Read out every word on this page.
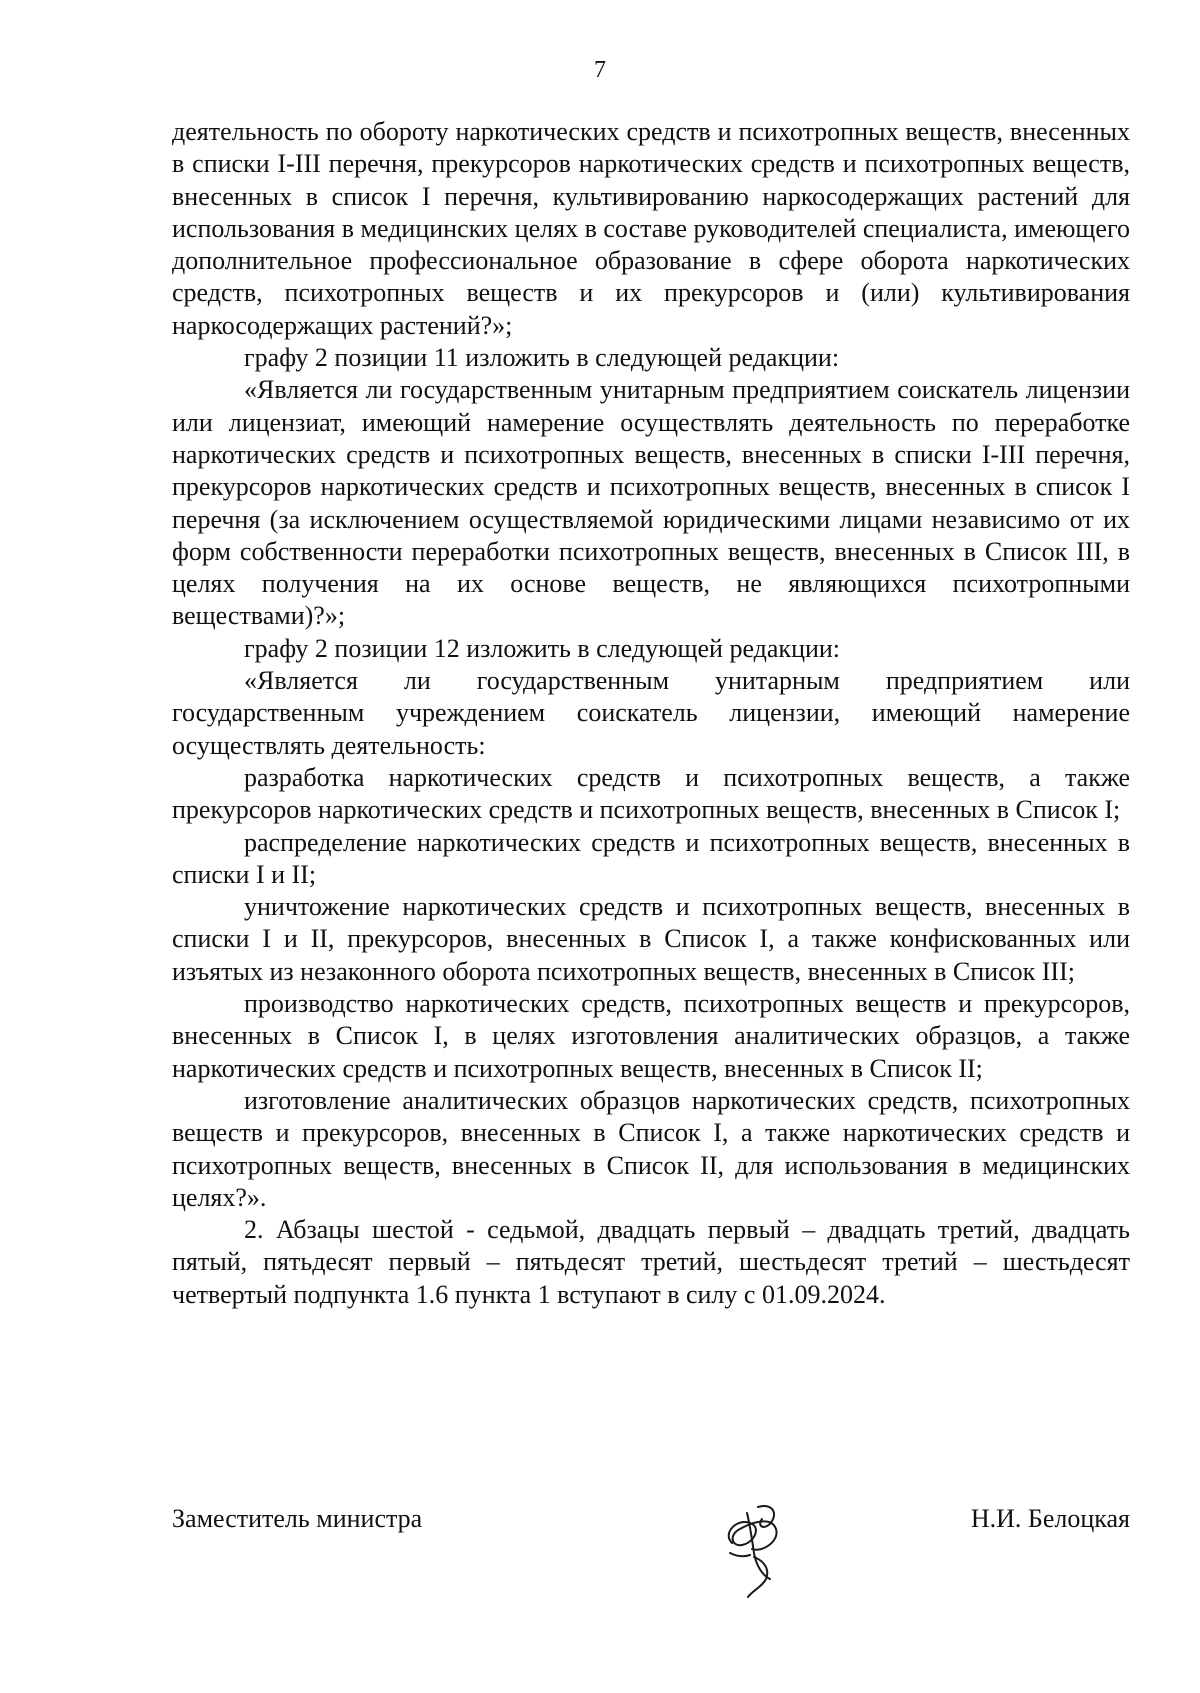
7

деятельность по обороту наркотических средств и психотропных веществ, внесенных в списки I-III перечня, прекурсоров наркотических средств и психотропных веществ, внесенных в список I перечня, культивированию наркосодержащих растений для использования в медицинских целях в составе руководителей специалиста, имеющего дополнительное профессиональное образование в сфере оборота наркотических средств, психотропных веществ и их прекурсоров и (или) культивирования наркосодержащих растений?»;

графу 2 позиции 11 изложить в следующей редакции:

«Является ли государственным унитарным предприятием соискатель лицензии или лицензиат, имеющий намерение осуществлять деятельность по переработке наркотических средств и психотропных веществ, внесенных в списки I-III перечня, прекурсоров наркотических средств и психотропных веществ, внесенных в список I перечня (за исключением осуществляемой юридическими лицами независимо от их форм собственности переработки психотропных веществ, внесенных в Список III, в целях получения на их основе веществ, не являющихся психотропными веществами)?»;

графу 2 позиции 12 изложить в следующей редакции:

«Является ли государственным унитарным предприятием или государственным учреждением соискатель лицензии, имеющий намерение осуществлять деятельность:

разработка наркотических средств и психотропных веществ, а также прекурсоров наркотических средств и психотропных веществ, внесенных в Список I;

распределение наркотических средств и психотропных веществ, внесенных в списки I и II;

уничтожение наркотических средств и психотропных веществ, внесенных в списки I и II, прекурсоров, внесенных в Список I, а также конфискованных или изъятых из незаконного оборота психотропных веществ, внесенных в Список III;

производство наркотических средств, психотропных веществ и прекурсоров, внесенных в Список I, в целях изготовления аналитических образцов, а также наркотических средств и психотропных веществ, внесенных в Список II;

изготовление аналитических образцов наркотических средств, психотропных веществ и прекурсоров, внесенных в Список I, а также наркотических средств и психотропных веществ, внесенных в Список II, для использования в медицинских целях?».

2. Абзацы шестой - седьмой, двадцать первый – двадцать третий, двадцать пятый, пятьдесят первый – пятьдесят третий, шестьдесят третий – шестьдесят четвертый подпункта 1.6 пункта 1 вступают в силу с 01.09.2024.

Заместитель министра	Н.И. Белоцкая
